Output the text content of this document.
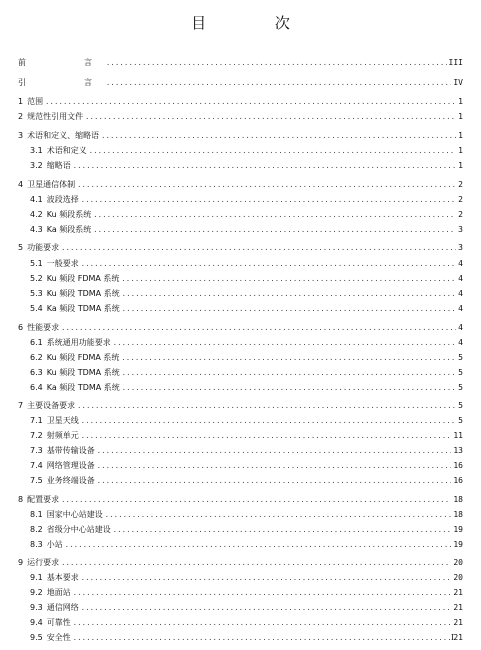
目 次
前　　言 .....	III
引　　言 .....	IV
1 范围 .....	1
2 规范性引用文件 .....	1
3 术语和定义、缩略语 .....	1
3.1 术语和定义 .....	1
3.2 缩略语 .....	1
4 卫星通信体制 .....	2
4.1 波段选择 .....	2
4.2 Ku 频段系统 .....	2
4.3 Ka 频段系统 .....	3
5 功能要求 .....	3
5.1 一般要求 .....	4
5.2 Ku 频段 FDMA 系统 .....	4
5.3 Ku 频段 TDMA 系统 .....	4
5.4 Ka 频段 TDMA 系统 .....	4
6 性能要求 .....	4
6.1 系统通用功能要求 .....	4
6.2 Ku 频段 FDMA 系统 .....	5
6.3 Ku 频段 TDMA 系统 .....	5
6.4 Ka 频段 TDMA 系统 .....	5
7 主要设备要求 .....	5
7.1 卫星天线 .....	5
7.2 射频单元 .....	11
7.3 基带传输设备 .....	13
7.4 网络管理设备 .....	16
7.5 业务终端设备 .....	16
8 配置要求 .....	18
8.1 国家中心站建设 .....	18
8.2 省级分中心站建设 .....	19
8.3 小站 .....	19
9 运行要求 .....	20
9.1 基本要求 .....	20
9.2 地面站 .....	21
9.3 通信网络 .....	21
9.4 可靠性 .....	21
9.5 安全性 .....	21
I
